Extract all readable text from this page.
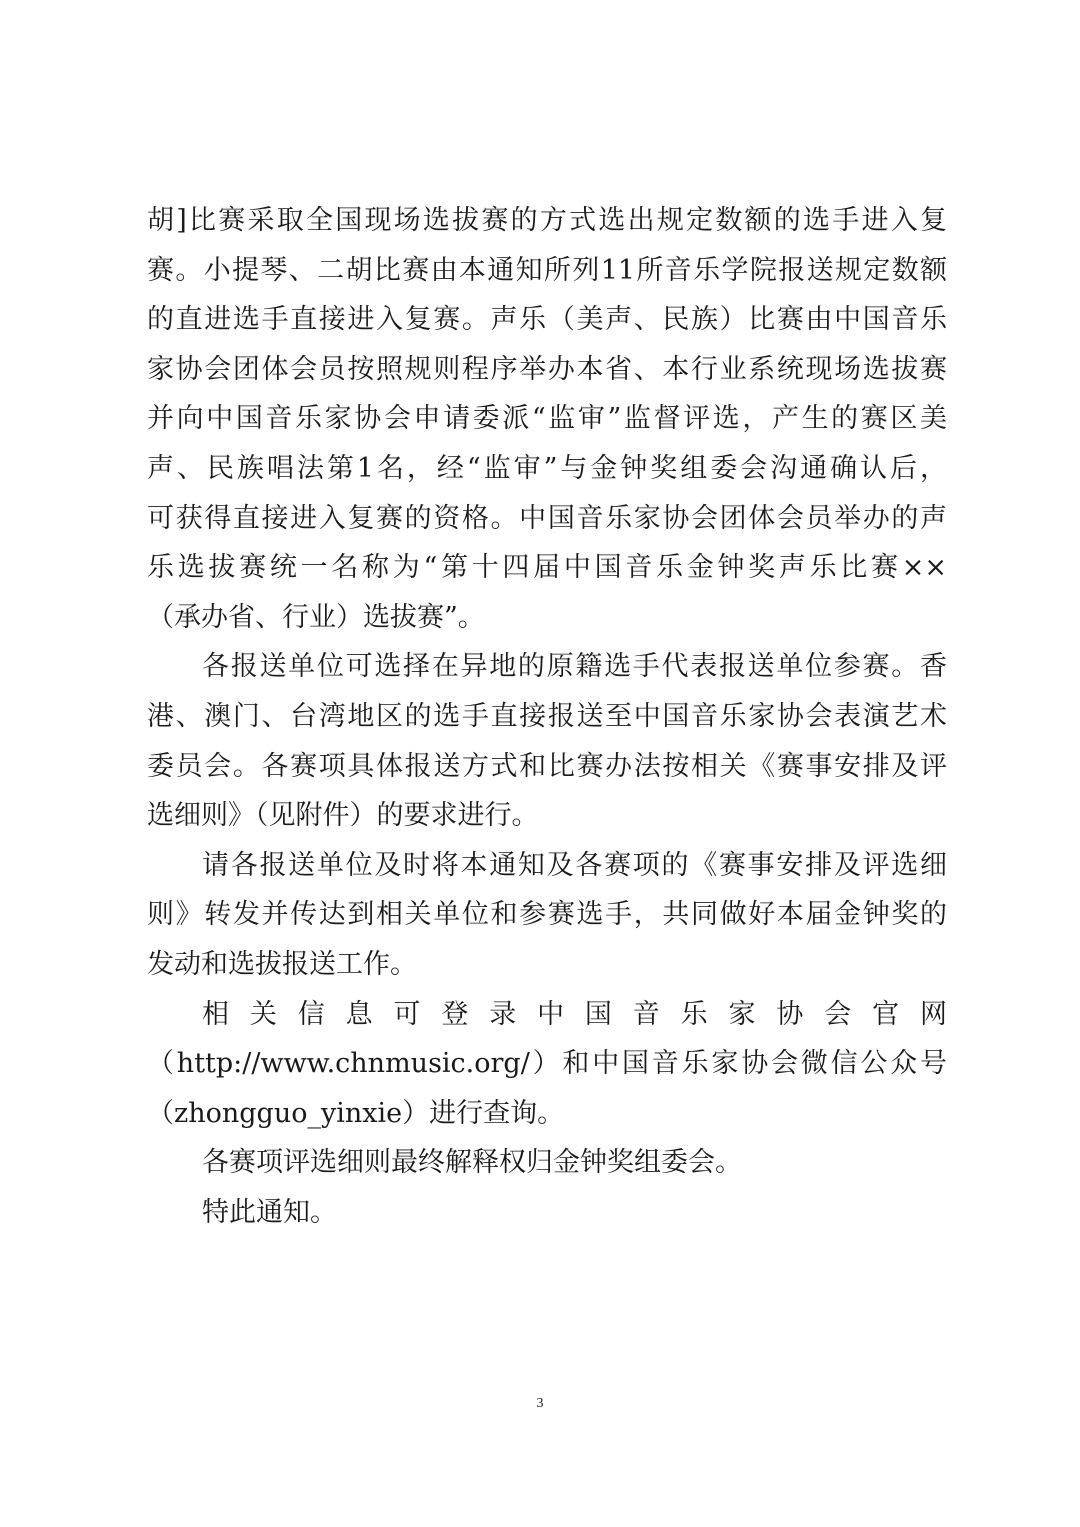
胡]比赛采取全国现场选拔赛的方式选出规定数额的选手进入复
赛。小提琴、二胡比赛由本通知所列11所音乐学院报送规定数额
的直进选手直接进入复赛。声乐（美声、民族）比赛由中国音乐
家协会团体会员按照规则程序举办本省、本行业系统现场选拔赛
并向中国音乐家协会申请委派“监审”监督评选，产生的赛区美
声、民族唱法第1名，经“监审”与金钟奖组委会沟通确认后，
可获得直接进入复赛的资格。中国音乐家协会团体会员举办的声
乐选拔赛统一名称为“第十四届中国音乐金钟奖声乐比赛××
（承办省、行业）选拔赛”。
各报送单位可选择在异地的原籍选手代表报送单位参赛。香
港、澳门、台湾地区的选手直接报送至中国音乐家协会表演艺术
委员会。各赛项具体报送方式和比赛办法按相关《赛事安排及评
选细则》（见附件）的要求进行。
请各报送单位及时将本通知及各赛项的《赛事安排及评选细
则》转发并传达到相关单位和参赛选手，共同做好本届金钟奖的
发动和选拔报送工作。
相关信息可登录中国音乐家协会官网
（http://www.chnmusic.org/）和中国音乐家协会微信公众号
（zhongguo_yinxie）进行查询。
各赛项评选细则最终解释权归金钟奖组委会。
特此通知。
3
